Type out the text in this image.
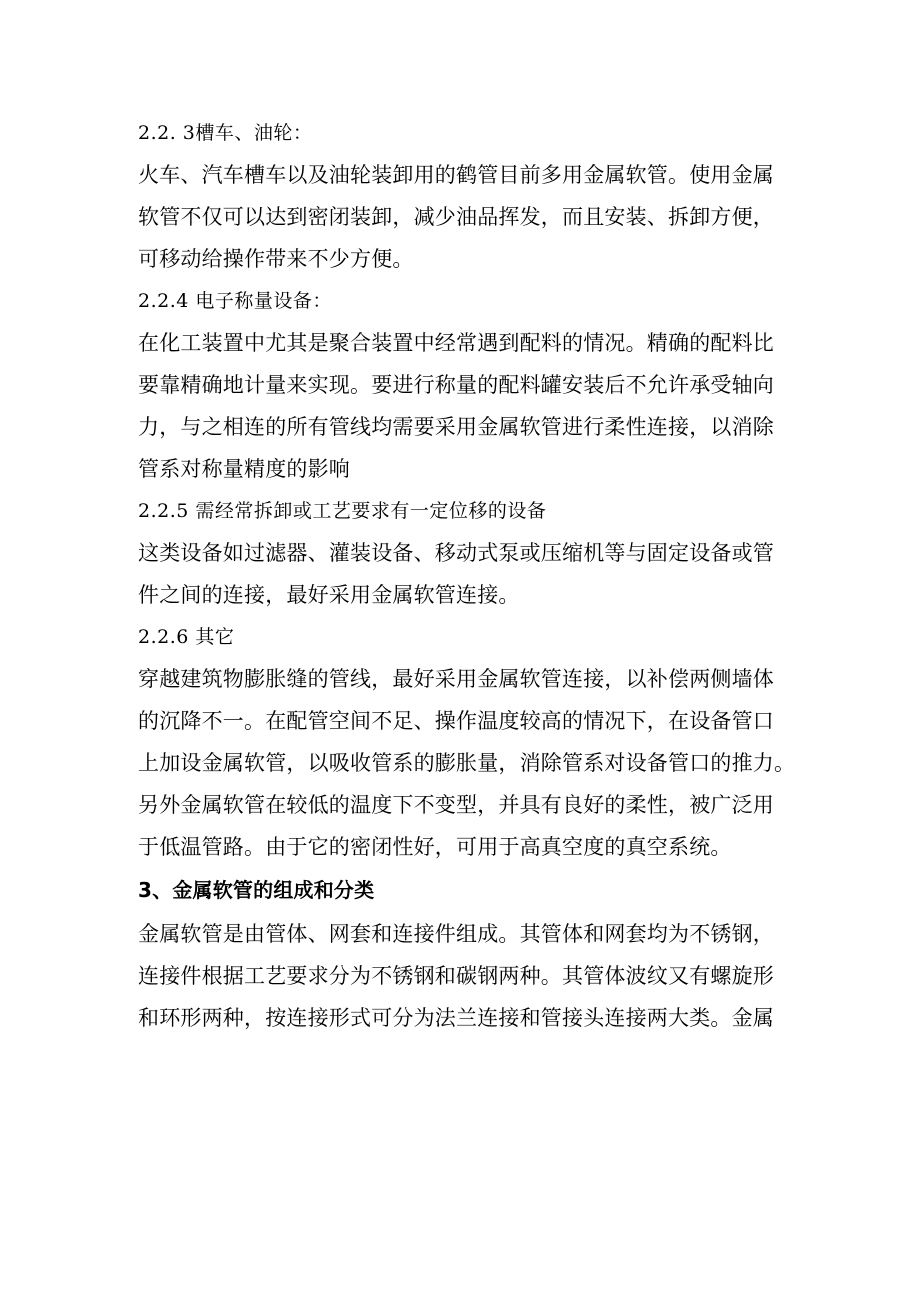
2.2. 3槽车、油轮：
火车、汽车槽车以及油轮装卸用的鹤管目前多用金属软管。使用金属
软管不仅可以达到密闭装卸，减少油品挥发，而且安装、拆卸方便，
可移动给操作带来不少方便。
2.2.4 电子称量设备：
在化工装置中尤其是聚合装置中经常遇到配料的情况。精确的配料比
要靠精确地计量来实现。要进行称量的配料罐安装后不允许承受轴向
力，与之相连的所有管线均需要采用金属软管进行柔性连接，以消除
管系对称量精度的影响
2.2.5 需经常拆卸或工艺要求有一定位移的设备
这类设备如过滤器、灌装设备、移动式泵或压缩机等与固定设备或管
件之间的连接，最好采用金属软管连接。
2.2.6 其它
穿越建筑物膨胀缝的管线，最好采用金属软管连接，以补偿两侧墙体
的沉降不一。在配管空间不足、操作温度较高的情况下，在设备管口
上加设金属软管，以吸收管系的膨胀量，消除管系对设备管口的推力。
另外金属软管在较低的温度下不变型，并具有良好的柔性，被广泛用
于低温管路。由于它的密闭性好，可用于高真空度的真空系统。
3、金属软管的组成和分类
金属软管是由管体、网套和连接件组成。其管体和网套均为不锈钢，
连接件根据工艺要求分为不锈钢和碳钢两种。其管体波纹又有螺旋形
和环形两种，按连接形式可分为法兰连接和管接头连接两大类。金属
